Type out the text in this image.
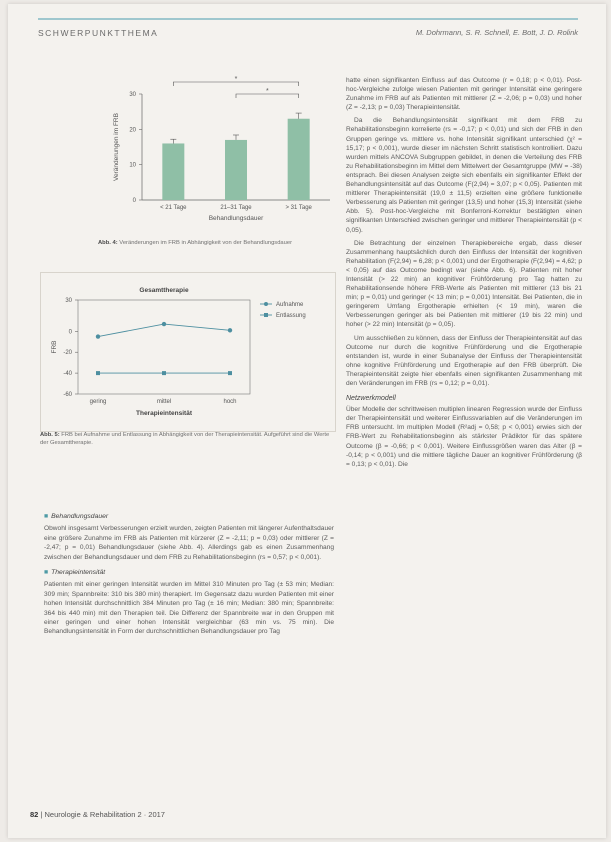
SCHWERPUNKTTHEMA	M. Dohrmann, S. R. Schnell, E. Bott, J. D. Rolink
0
10
20
30
< 21 Tage	21–31 Tage	> 31 Tage
Behandlungsdauer
Veränderungen im FRB
*
*
Abb. 4: Veränderungen im FRB in Abhängigkeit von der Behandlungsdauer
Gesamttherapie
30
0
-20
-40
-60
gering	mittel	hoch
Therapieintensität
FRB
Aufnahme
Entlassung
Abb. 5: FRB bei Aufnahme und Entlassung in Abhängigkeit von der Therapieintensität. Aufgeführt sind die Werte der Gesamttherapie.
■ Behandlungsdauer

Obwohl insgesamt Verbesserungen erzielt wurden, zeigten Patienten mit längerer Aufenthaltsdauer eine größere Zunahme im FRB als Patienten mit kürzerer (Z = -2,11; p = 0,03) oder mittlerer (Z = -2,47; p = 0,01) Behandlungsdauer (siehe Abb. 4). Allerdings gab es einen Zusammenhang zwischen der Behandlungsdauer und dem FRB zu Rehabilitationsbeginn (rs = 0,57; p < 0,001).

■ Therapieintensität

Patienten mit einer geringen Intensität wurden im Mittel 310 Minuten pro Tag (± 53 min; Median: 309 min; Spannbreite: 310 bis 380 min) therapiert. Im Gegensatz dazu wurden Patienten mit einer hohen Intensität durchschnittlich 384 Minuten pro Tag (± 16 min; Median: 380 min; Spannbreite: 364 bis 440 min) mit den Therapien teil. Die Differenz der Spannbreite war in den Gruppen mit einer geringen und einer hohen Intensität vergleichbar (63 min vs. 75 min). Die Behandlungsintensität in Form der durchschnittlichen Behandlungsdauer pro Tag

hatte einen signifikanten Einfluss auf das Outcome (r = 0,18; p < 0,01). Post-hoc-Vergleiche zufolge wiesen Patienten mit geringer Intensität eine geringere Zunahme im FRB auf als Patienten mit mittlerer (Z = -2,06; p = 0,03) und hoher (Z = -2,13; p = 0,03) Therapieintensität.

Da die Behandlungsintensität signifikant mit dem FRB zu Rehabilitationsbeginn korrelierte (rs = -0,17; p < 0,01) und sich der FRB in den Gruppen geringe vs. mittlere vs. hohe Intensität signifikant unterschied (χ² = 15,17; p < 0,001), wurde dieser im nächsten Schritt statistisch kontrolliert. Dazu wurden mittels ANCOVA Subgruppen gebildet, in denen die Verteilung des FRB zu Rehabilitationsbeginn im Mittel dem Mittelwert der Gesamtgruppe (MW = -38) entsprach. Bei diesen Analysen zeigte sich ebenfalls ein signifikanter Effekt der Behandlungsintensität auf das Outcome (F(2,94) = 3,07; p < 0,05). Patienten mit mittlerer Therapieintensität (19,0 ± 11,5) erzielten eine größere funktionelle Verbesserung als Patienten mit geringer (13,5) und hoher (15,3) Intensität (siehe Abb. 5). Post-hoc-Vergleiche mit Bonferroni-Korrektur bestätigten einen signifikanten Unterschied zwischen geringer und mittlerer Therapieintensität (p < 0,05).

Die Betrachtung der einzelnen Therapiebereiche ergab, dass dieser Zusammenhang hauptsächlich durch den Einfluss der Intensität der kognitiven Rehabilitation (F(2,94) = 6,28; p < 0,001) und der Ergotherapie (F(2,94) = 4,62; p < 0,05) auf das Outcome bedingt war (siehe Abb. 6). Patienten mit hoher Intensität (> 22 min) an kognitiver Frühförderung pro Tag hatten zu Rehabilitationsende höhere FRB-Werte als Patienten mit mittlerer (13 bis 21 min; p = 0,01) und geringer (< 13 min; p = 0,001) Intensität. Bei Patienten, die in geringerem Umfang Ergotherapie erhielten (< 19 min), waren die Verbesserungen geringer als bei Patienten mit mittlerer (19 bis 22 min) und hoher (> 22 min) Intensität (p = 0,05).

Um ausschließen zu können, dass der Einfluss der Therapieintensität auf das Outcome nur durch die kognitive Frühförderung und die Ergotherapie entstanden ist, wurde in einer Subanalyse der Einfluss der Therapieintensität ohne kognitive Frühförderung und Ergotherapie auf den FRB überprüft. Die Therapieintensität zeigte hier ebenfalls einen signifikanten Zusammenhang mit den Veränderungen im FRB (rs = 0,12; p = 0,01).

Netzwerkmodell

Über Modelle der schrittweisen multiplen linearen Regression wurde der Einfluss der Therapieintensität und weiterer Einflussvariablen auf die Veränderungen im FRB untersucht. Im multiplen Modell (R²adj = 0,58; p < 0,001) erwies sich der FRB-Wert zu Rehabilitationsbeginn als stärkster Prädiktor für das spätere Outcome (β = -0,66; p < 0,001). Weitere Einflussgrößen waren das Alter (β = -0,14; p < 0,001) und die mittlere tägliche Dauer an kognitiver Frühförderung (β = 0,13; p < 0,01). Die

82 | Neurologie & Rehabilitation 2 · 2017
